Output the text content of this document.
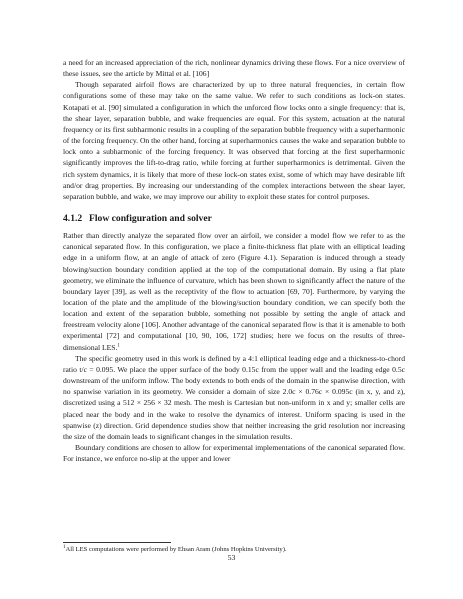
a need for an increased appreciation of the rich, nonlinear dynamics driving these flows. For a nice overview of these issues, see the article by Mittal et al. [106]

Though separated airfoil flows are characterized by up to three natural frequencies, in certain flow configurations some of these may take on the same value. We refer to such conditions as lock-on states. Kotapati et al. [90] simulated a configuration in which the unforced flow locks onto a single frequency: that is, the shear layer, separation bubble, and wake frequencies are equal. For this system, actuation at the natural frequency or its first subharmonic results in a coupling of the separation bubble frequency with a superharmonic of the forcing frequency. On the other hand, forcing at superharmonics causes the wake and separation bubble to lock onto a subharmonic of the forcing frequency. It was observed that forcing at the first superharmonic significantly improves the lift-to-drag ratio, while forcing at further superharmonics is detrimental. Given the rich system dynamics, it is likely that more of these lock-on states exist, some of which may have desirable lift and/or drag properties. By increasing our understanding of the complex interactions between the shear layer, separation bubble, and wake, we may improve our ability to exploit these states for control purposes.

4.1.2 Flow configuration and solver

Rather than directly analyze the separated flow over an airfoil, we consider a model flow we refer to as the canonical separated flow. In this configuration, we place a finite-thickness flat plate with an elliptical leading edge in a uniform flow, at an angle of attack of zero (Figure 4.1). Separation is induced through a steady blowing/suction boundary condition applied at the top of the computational domain. By using a flat plate geometry, we eliminate the influence of curvature, which has been shown to significantly affect the nature of the boundary layer [39], as well as the receptivity of the flow to actuation [69, 70]. Furthermore, by varying the location of the plate and the amplitude of the blowing/suction boundary condition, we can specify both the location and extent of the separation bubble, something not possible by setting the angle of attack and freestream velocity alone [106]. Another advantage of the canonical separated flow is that it is amenable to both experimental [72] and computational [10, 90, 106, 172] studies; here we focus on the results of three-dimensional LES.$^1$

The specific geometry used in this work is defined by a 4:1 elliptical leading edge and a thickness-to-chord ratio t/c = 0.095. We place the upper surface of the body 0.15c from the upper wall and the leading edge 0.5c downstream of the uniform inflow. The body extends to both ends of the domain in the spanwise direction, with no spanwise variation in its geometry. We consider a domain of size 2.0c × 0.76c × 0.095c (in x, y, and z), discretized using a 512 × 256 × 32 mesh. The mesh is Cartesian but non-uniform in x and y; smaller cells are placed near the body and in the wake to resolve the dynamics of interest. Uniform spacing is used in the spanwise (z) direction. Grid dependence studies show that neither increasing the grid resolution nor increasing the size of the domain leads to significant changes in the simulation results.

Boundary conditions are chosen to allow for experimental implementations of the canonical separated flow. For instance, we enforce no-slip at the upper and lower

$^1$All LES computations were performed by Ehsan Aram (Johns Hopkins University).

53
